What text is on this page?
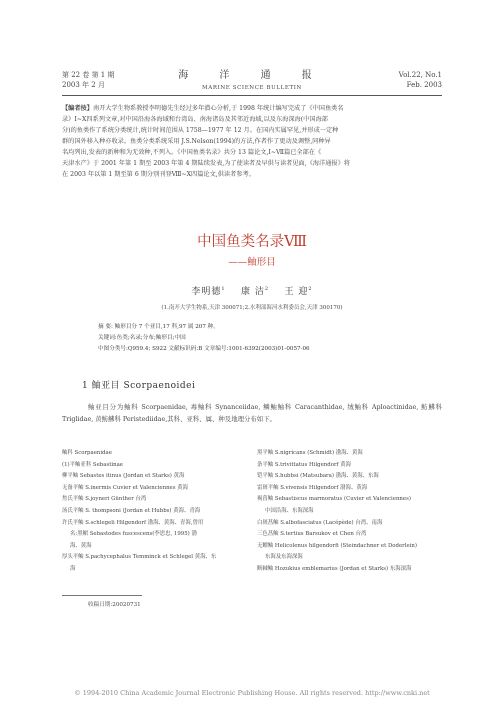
第 22 卷 第 1 期
2003 年 2 月
海 洋 通 报
MARINE SCIENCE BULLETIN
Vol.22, No.1
Feb. 2003
【编者按】南开大学生物系教授李明德先生经过多年潜心分析,于 1998 年统计编写完成了《中国鱼类名
录》Ⅰ~Ⅹ四系列文章,对中国沿海各海域和台湾岛、南海诸岛及其邻近海域,以及东海深海(中国海部
分)的鱼类作了系统分类统计,统计时间范围从 1758—1977 年 12 月。在国内实属罕见,并形成一定种
群的国外移入种亦收录。鱼类分类系统采用 J.S.Nelson(1994)的方法,作者作了更动及调整,同种异
名均列出,发表的新种和为无效种,不列入。《中国鱼类名录》共分 13 篇论文,Ⅰ~Ⅶ篇已全部在《
天津水产》于 2001 年第 1 期至 2003 年第 4 期陆续发表,为了使读者及早供与读者见面,《海洋通报》将
在 2003 年以第 1 期至第 6 期分别刊登Ⅷ~Ⅹ四篇论文,供读者参考。
中国鱼类名录Ⅷ
——鲉形目
李明德$^1$ 康 洁$^2$ 王 迎$^2$
(1.南开大学生物系,天津 300071;2.水利部海河水利委员会,天津 300170)
摘 要: 鲉形目分 7 个亚目,17 科,97 属 207 种。
关键词:鱼类;名录;分布;鲉形目;中国
中图分类号:Q959.4; S922 文献标识码:B 文章编号:1001-6392(2003)01-0057-06
1 鲉亚目 Scorpaenoidei
鲉亚目分为鲉科 Scorpaenidae, 毒鲉科 Synanceiidae, 鳞鲉鲉科 Caracanthidae, 绒鲉科 Aploactinidae, 鲂鮄科 Triglidae, 黄鲂鮄科 Peristediidae,其科、亚科、属、种及地理分布如下。
鲉科 Scorpaenidae
(1)平鲉亚科 Sebastinae
柳平鲉 Sebastes itinus (Jordan et Starks) 黄海
无备平鲉 S.inermis Cuvier et Valenciennes 黄海
焦氏平鲉 S.joyneri Günther 台湾
汤氏平鲉 S. thompsoni (Jordan et Hubbs) 黄海、青海
许氏平鲉 S.schlegeli Hilgendorf 渤海、黄海、青海,曾用
名:黑鲪 Sebastodes fuscescens(李思忠, 1995) 渤
海、黄海
厚头平鲉 S.pachycephalus Temminck et Schlegel 黄海、东
海
黑平鲉 S.nigricans (Schmidt) 渤海、黄海
条平鲉 S.trivittatus Hilgendorf 黄海
铠平鲉 S.hubbsi (Matsubara) 渤海、黄海、东海
雷斑平鲉 S.vivensis Hilgendorf 渤海、黄海
褐菖鲉 Sebastiscus marmoratus (Cuvier et Valenciennes)
中国沿海、东海深海
白斑菖鲉 S.albofasciatus (Lacépède) 台湾、南海
三色菖鲉 S.tertius Barsukov et Chen 台湾
无鳔鲉 Helicolenus hilgendorfi (Steindachner et Doderlein)
东海及东海深海
断棘鲉 Hozukius emblemarius (Jordan et Starks) 东海深海
收稿日期:20020731
© 1994-2010 China Academic Journal Electronic Publishing House. All rights reserved. http://www.cnki.net
